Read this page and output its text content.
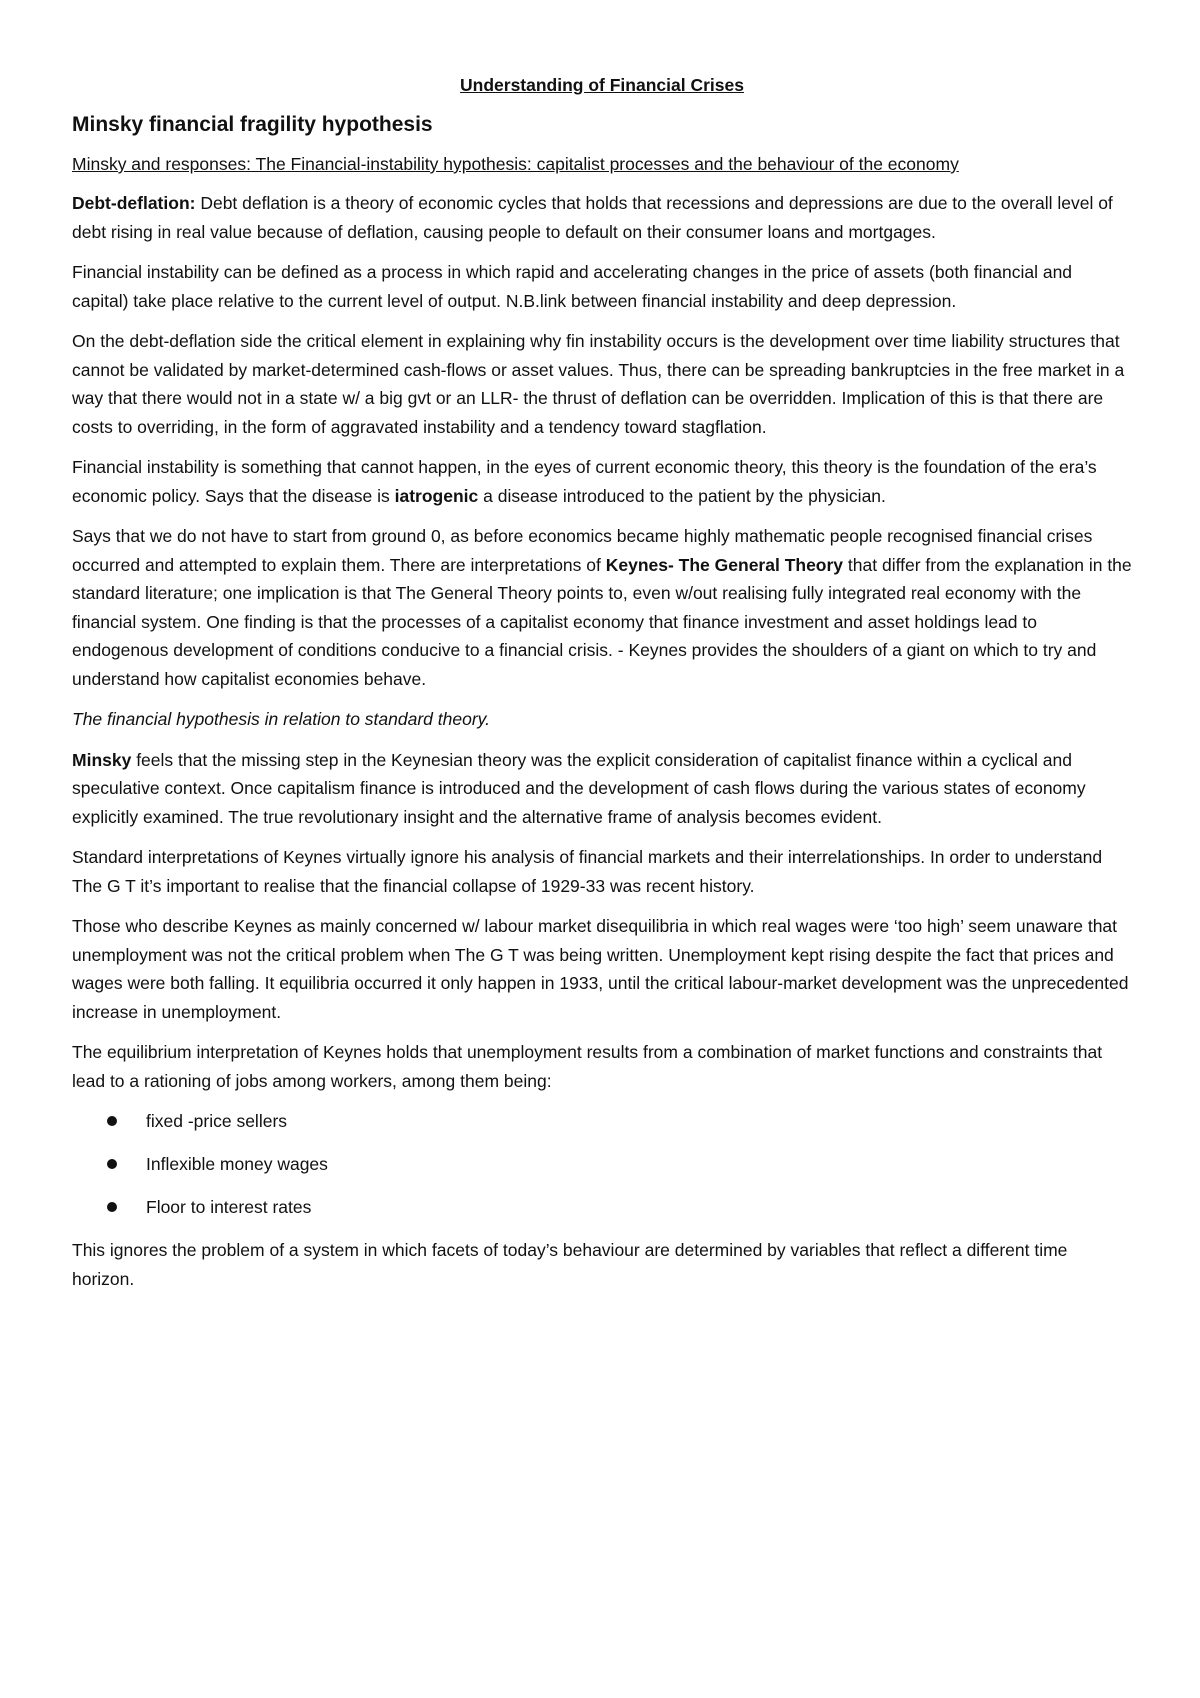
Understanding of Financial Crises
Minsky financial fragility hypothesis
Minsky and responses: The Financial-instability hypothesis: capitalist processes and the behaviour of the economy

Debt-deflation: Debt deflation is a theory of economic cycles that holds that recessions and depressions are due to the overall level of debt rising in real value because of deflation, causing people to default on their consumer loans and mortgages.

Financial instability can be defined as a process in which rapid and accelerating changes in the price of assets (both financial and capital) take place relative to the current level of output. N.B.link between financial instability and deep depression.

On the debt-deflation side the critical element in explaining why fin instability occurs is the development over time liability structures that cannot be validated by market-determined cash-flows or asset values. Thus, there can be spreading bankruptcies in the free market in a way that there would not in a state w/ a big gvt or an LLR- the thrust of deflation can be overridden. Implication of this is that there are costs to overriding, in the form of aggravated instability and a tendency toward stagflation.

Financial instability is something that cannot happen, in the eyes of current economic theory, this theory is the foundation of the era’s economic policy. Says that the disease is iatrogenic a disease introduced to the patient by the physician.

Says that we do not have to start from ground 0, as before economics became highly mathematic people recognised financial crises occurred and attempted to explain them. There are interpretations of Keynes- The General Theory that differ from the explanation in the standard literature; one implication is that The General Theory points to, even w/out realising fully integrated real economy with the financial system. One finding is that the processes of a capitalist economy that finance investment and asset holdings lead to endogenous development of conditions conducive to a financial crisis. - Keynes provides the shoulders of a giant on which to try and understand how capitalist economies behave.

The financial hypothesis in relation to standard theory.

Minsky feels that the missing step in the Keynesian theory was the explicit consideration of capitalist finance within a cyclical and speculative context. Once capitalism finance is introduced and the development of cash flows during the various states of economy explicitly examined. The true revolutionary insight and the alternative frame of analysis becomes evident.

Standard interpretations of Keynes virtually ignore his analysis of financial markets and their interrelationships. In order to understand The G T it’s important to realise that the financial collapse of 1929-33 was recent history.

Those who describe Keynes as mainly concerned w/ labour market disequilibria in which real wages were ‘too high’ seem unaware that unemployment was not the critical problem when The G T was being written. Unemployment kept rising despite the fact that prices and wages were both falling. It equilibria occurred it only happen in 1933, until the critical labour-market development was the unprecedented increase in unemployment.

The equilibrium interpretation of Keynes holds that unemployment results from a combination of market functions and constraints that lead to a rationing of jobs among workers, among them being:

fixed -price sellers
Inflexible money wages
Floor to interest rates

This ignores the problem of a system in which facets of today’s behaviour are determined by variables that reflect a different time horizon.
